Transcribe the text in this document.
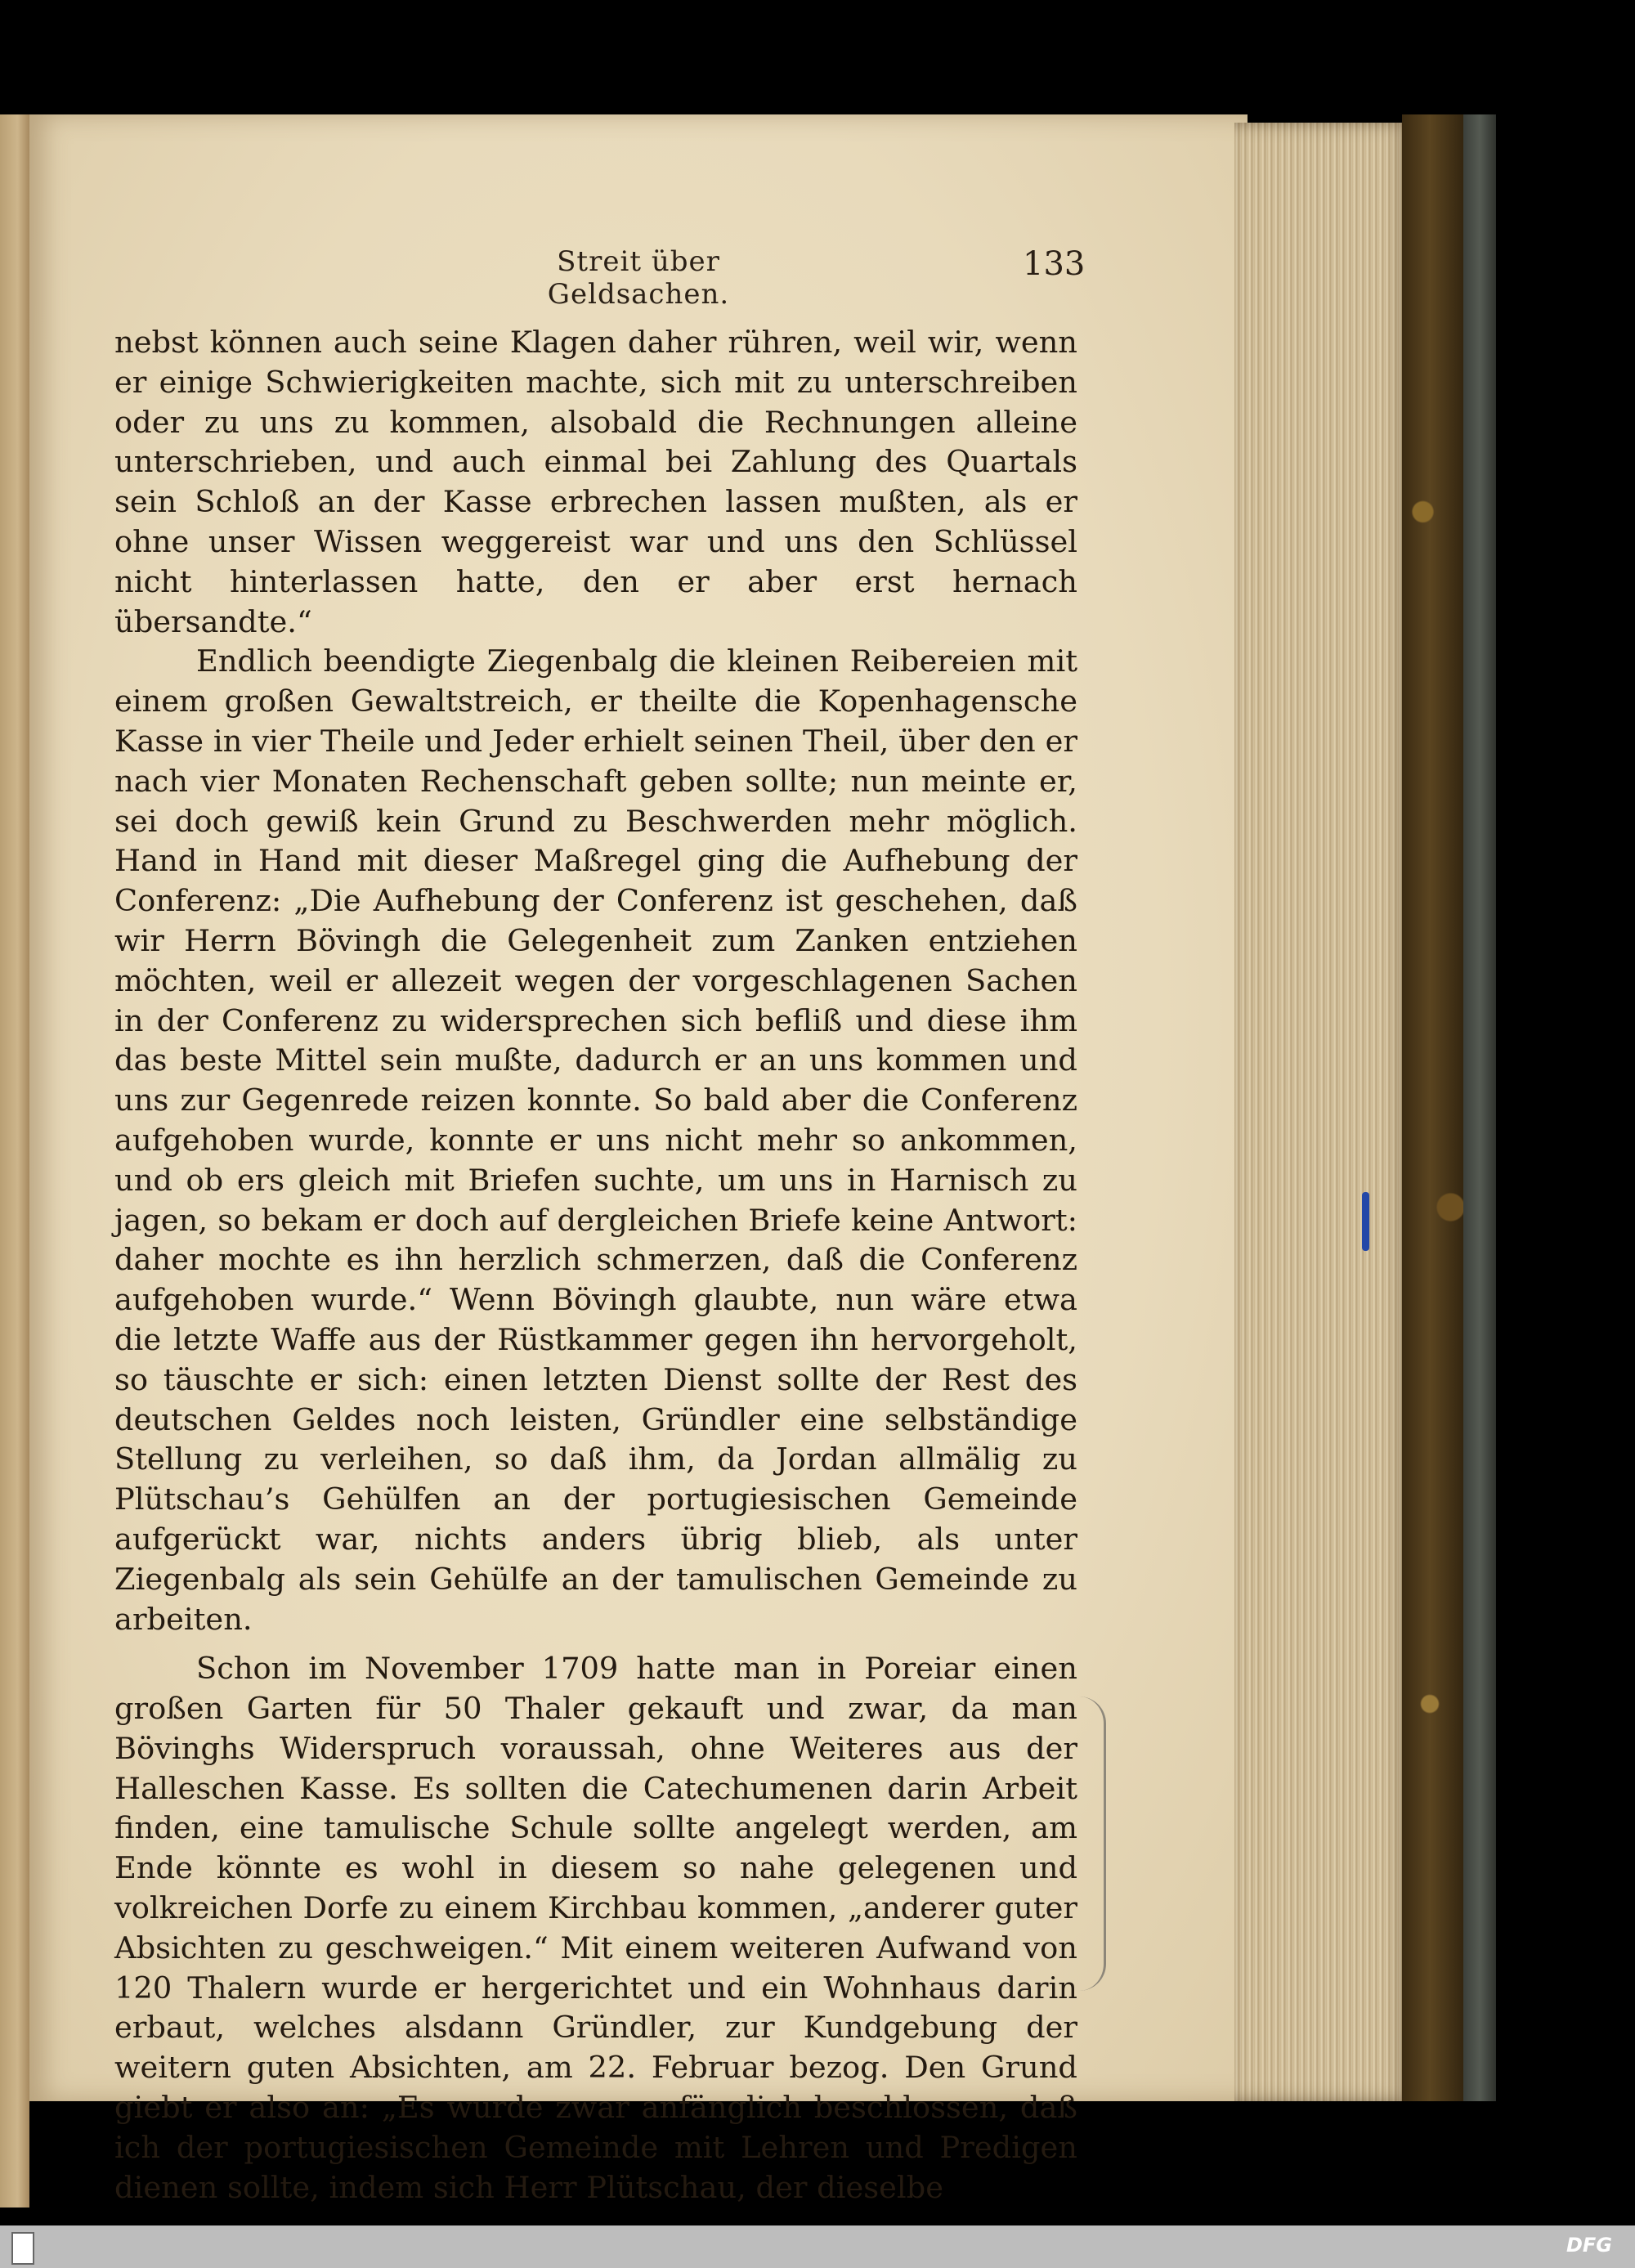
Streit über Geldsachen.
133

nebst können auch seine Klagen daher rühren, weil wir, wenn er einige Schwierigkeiten machte, sich mit zu unterschreiben oder zu uns zu kommen, alsobald die Rechnungen alleine unterschrieben, und auch einmal bei Zahlung des Quartals sein Schloß an der Kasse erbrechen lassen mußten, als er ohne unser Wissen weggereist war und uns den Schlüssel nicht hinterlassen hatte, den er aber erst hernach übersandte.“

Endlich beendigte Ziegenbalg die kleinen Reibereien mit einem großen Gewaltstreich, er theilte die Kopenhagensche Kasse in vier Theile und Jeder erhielt seinen Theil, über den er nach vier Monaten Rechenschaft geben sollte; nun meinte er, sei doch gewiß kein Grund zu Beschwerden mehr möglich. Hand in Hand mit dieser Maßregel ging die Aufhebung der Conferenz: „Die Aufhebung der Conferenz ist geschehen, daß wir Herrn Bövingh die Gelegenheit zum Zanken entziehen möchten, weil er allezeit wegen der vorgeschlagenen Sachen in der Conferenz zu widersprechen sich befliß und diese ihm das beste Mittel sein mußte, dadurch er an uns kommen und uns zur Gegenrede reizen konnte. So bald aber die Conferenz aufgehoben wurde, konnte er uns nicht mehr so ankommen, und ob ers gleich mit Briefen suchte, um uns in Harnisch zu jagen, so bekam er doch auf dergleichen Briefe keine Antwort: daher mochte es ihn herzlich schmerzen, daß die Conferenz aufgehoben wurde.“ Wenn Bövingh glaubte, nun wäre etwa die letzte Waffe aus der Rüstkammer gegen ihn hervorgeholt, so täuschte er sich: einen letzten Dienst sollte der Rest des deutschen Geldes noch leisten, Gründler eine selbständige Stellung zu verleihen, so daß ihm, da Jordan allmälig zu Plütschau’s Gehülfen an der portugiesischen Gemeinde aufgerückt war, nichts anders übrig blieb, als unter Ziegenbalg als sein Gehülfe an der tamulischen Gemeinde zu arbeiten.

Schon im November 1709 hatte man in Poreiar einen großen Garten für 50 Thaler gekauft und zwar, da man Bövinghs Widerspruch voraussah, ohne Weiteres aus der Halleschen Kasse. Es sollten die Catechumenen darin Arbeit finden, eine tamulische Schule sollte angelegt werden, am Ende könnte es wohl in diesem so nahe gelegenen und volkreichen Dorfe zu einem Kirchbau kommen, „anderer guter Absichten zu geschweigen.“ Mit einem weiteren Aufwand von 120 Thalern wurde er hergerichtet und ein Wohnhaus darin erbaut, welches alsdann Gründler, zur Kundgebung der weitern guten Absichten, am 22. Februar bezog. Den Grund giebt er also an: „Es wurde zwar anfänglich beschlossen, daß ich der portugiesischen Gemeinde mit Lehren und Predigen dienen sollte, indem sich Herr Plütschau, der dieselbe

DFG
